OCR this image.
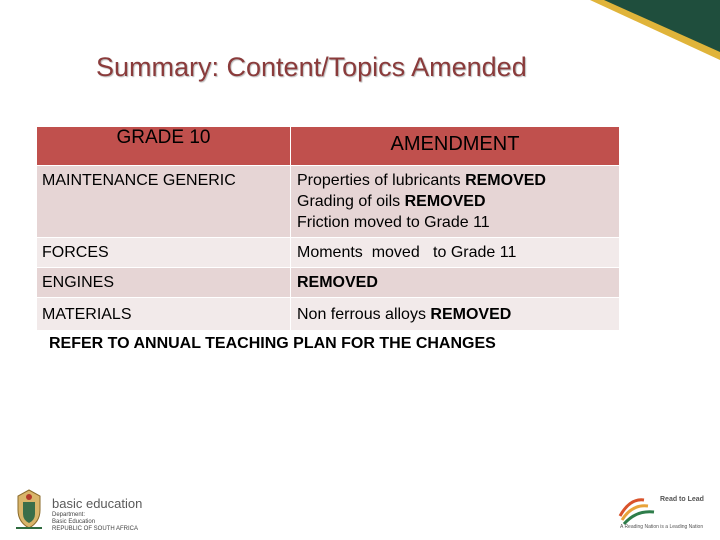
Summary: Content/Topics Amended
GRADE 10	AMENDMENT
MAINTENANCE GENERIC	Properties of lubricants REMOVED
Grading of oils REMOVED
Friction moved to Grade 11

FORCES	Moments  moved   to Grade 11
ENGINES	REMOVED
MATERIALS	Non ferrous alloys REMOVED
REFER TO ANNUAL TEACHING PLAN FOR THE CHANGES	
basic education
Department:
Basic Education
REPUBLIC OF SOUTH AFRICA
Read to Lead
A Reading Nation is a Leading Nation
